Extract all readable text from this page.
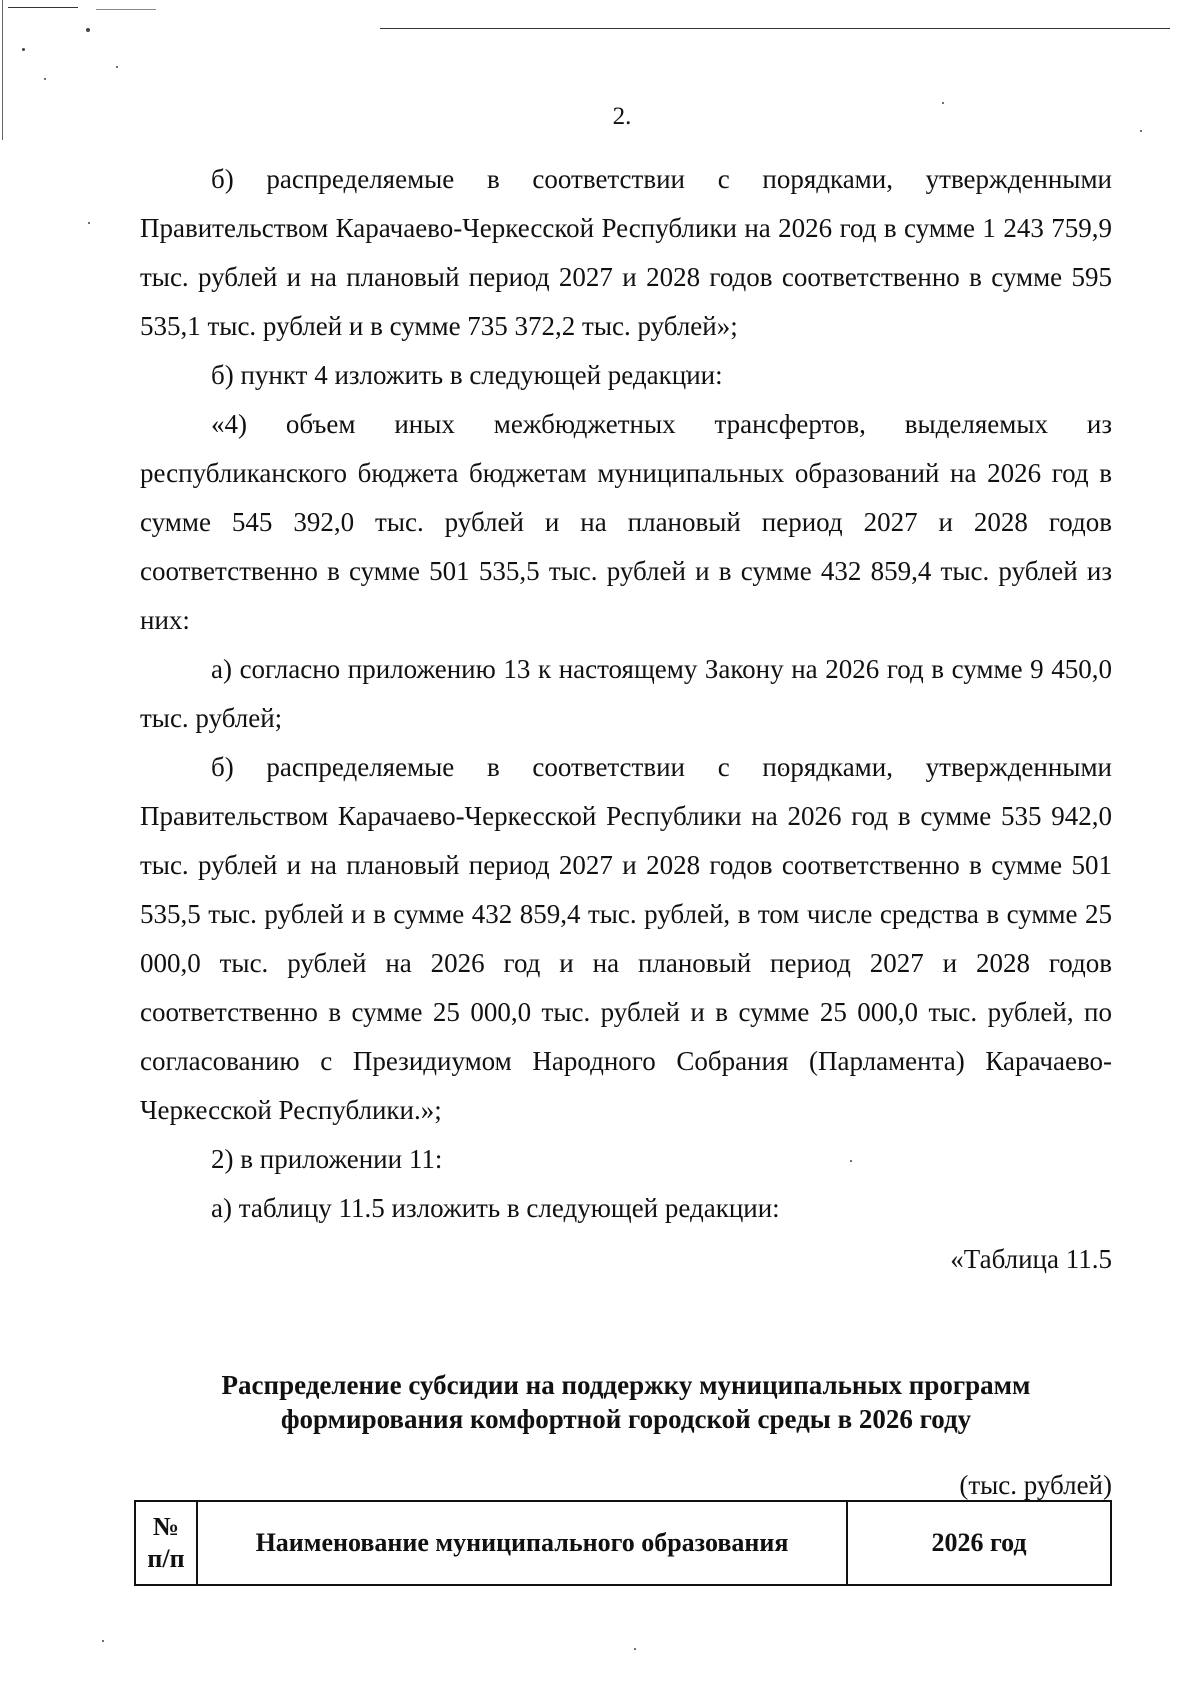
2.

б) распределяемые в соответствии с порядками, утвержденными Правительством Карачаево-Черкесской Республики на 2026 год в сумме 1 243 759,9 тыс. рублей и на плановый период 2027 и 2028 годов соответственно в сумме 595 535,1 тыс. рублей и в сумме 735 372,2 тыс. рублей»;

б) пункт 4 изложить в следующей редакции:

«4) объем иных межбюджетных трансфертов, выделяемых из республиканского бюджета бюджетам муниципальных образований на 2026 год в сумме 545 392,0 тыс. рублей и на плановый период 2027 и 2028 годов соответственно в сумме 501 535,5 тыс. рублей и в сумме 432 859,4 тыс. рублей из них:

а) согласно приложению 13 к настоящему Закону на 2026 год в сумме 9 450,0 тыс. рублей;

б) распределяемые в соответствии с порядками, утвержденными Правительством Карачаево-Черкесской Республики на 2026 год в сумме 535 942,0 тыс. рублей и на плановый период 2027 и 2028 годов соответственно в сумме 501 535,5 тыс. рублей и в сумме 432 859,4 тыс. рублей, в том числе средства в сумме 25 000,0 тыс. рублей на 2026 год и на плановый период 2027 и 2028 годов соответственно в сумме 25 000,0 тыс. рублей и в сумме 25 000,0 тыс. рублей, по согласованию с Президиумом Народного Собрания (Парламента) Карачаево-Черкесской Республики.»;

2) в приложении 11:

а) таблицу 11.5 изложить в следующей редакции:

«Таблица 11.5

Распределение субсидии на поддержку муниципальных программ
формирования комфортной городской среды в 2026 году
(тыс. рублей)
№ п/п	Наименование муниципального образования	2026 год
